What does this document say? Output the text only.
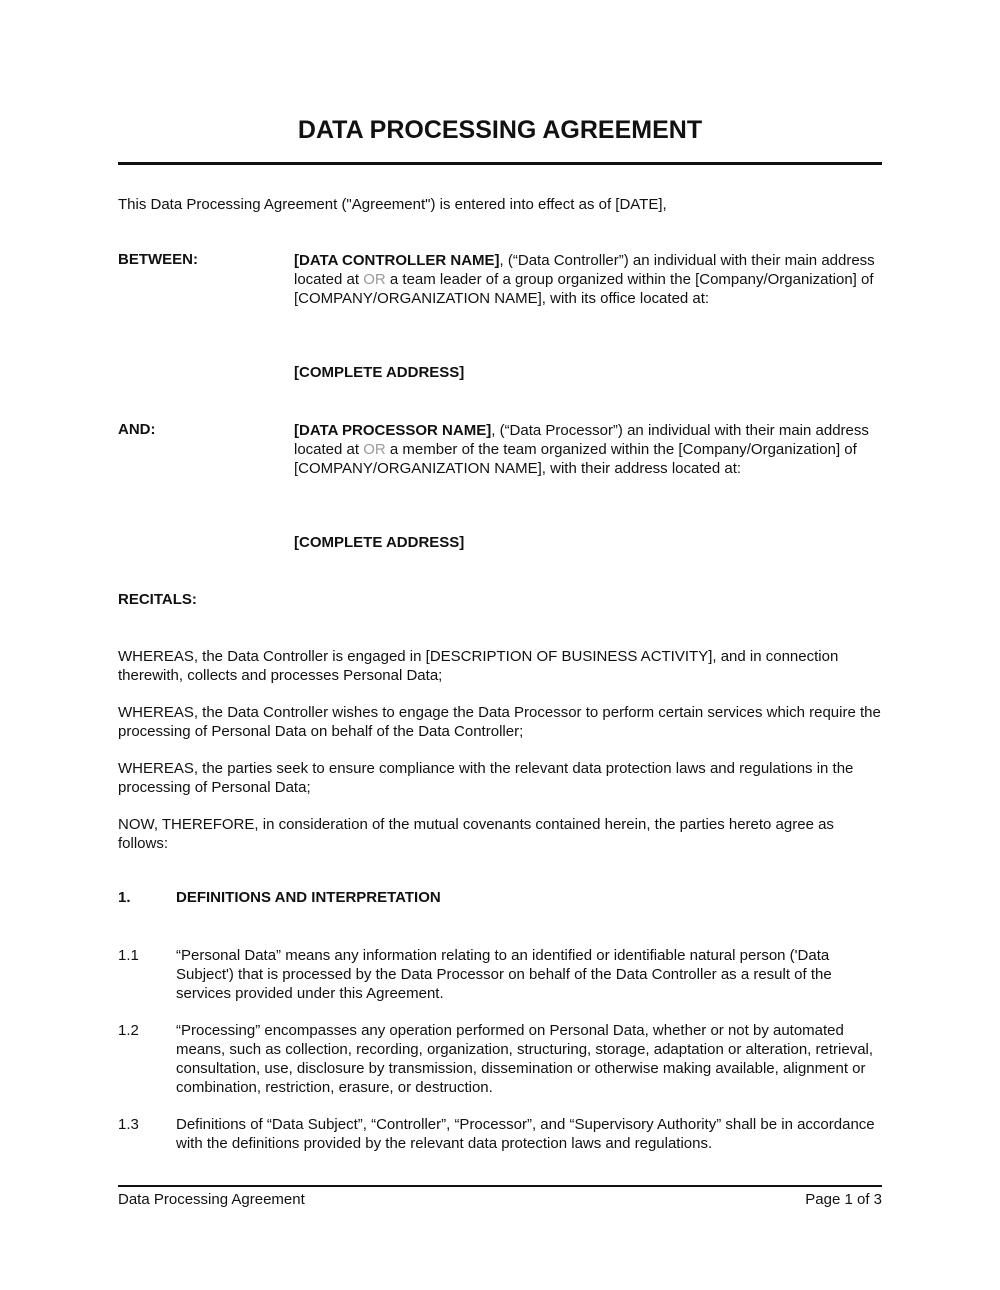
DATA PROCESSING AGREEMENT
This Data Processing Agreement ("Agreement") is entered into effect as of [DATE],
BETWEEN:	[DATA CONTROLLER NAME], (“Data Controller”) an individual with their main address located at OR a team leader of a group organized within the [Company/Organization] of [COMPANY/ORGANIZATION NAME], with its office located at:
[COMPLETE ADDRESS]
AND:	[DATA PROCESSOR NAME], (“Data Processor”) an individual with their main address located at OR a member of the team organized within the [Company/Organization] of [COMPANY/ORGANIZATION NAME], with their address located at:
[COMPLETE ADDRESS]
RECITALS:
WHEREAS, the Data Controller is engaged in [DESCRIPTION OF BUSINESS ACTIVITY], and in connection therewith, collects and processes Personal Data;
WHEREAS, the Data Controller wishes to engage the Data Processor to perform certain services which require the processing of Personal Data on behalf of the Data Controller;
WHEREAS, the parties seek to ensure compliance with the relevant data protection laws and regulations in the processing of Personal Data;
NOW, THEREFORE, in consideration of the mutual covenants contained herein, the parties hereto agree as follows:
1.	DEFINITIONS AND INTERPRETATION
1.1 “Personal Data” means any information relating to an identified or identifiable natural person ('Data Subject') that is processed by the Data Processor on behalf of the Data Controller as a result of the services provided under this Agreement.
1.2 “Processing” encompasses any operation performed on Personal Data, whether or not by automated means, such as collection, recording, organization, structuring, storage, adaptation or alteration, retrieval, consultation, use, disclosure by transmission, dissemination or otherwise making available, alignment or combination, restriction, erasure, or destruction.
1.3 Definitions of “Data Subject”, “Controller”, “Processor”, and “Supervisory Authority” shall be in accordance with the definitions provided by the relevant data protection laws and regulations.
Data Processing Agreement	Page 1 of 3
